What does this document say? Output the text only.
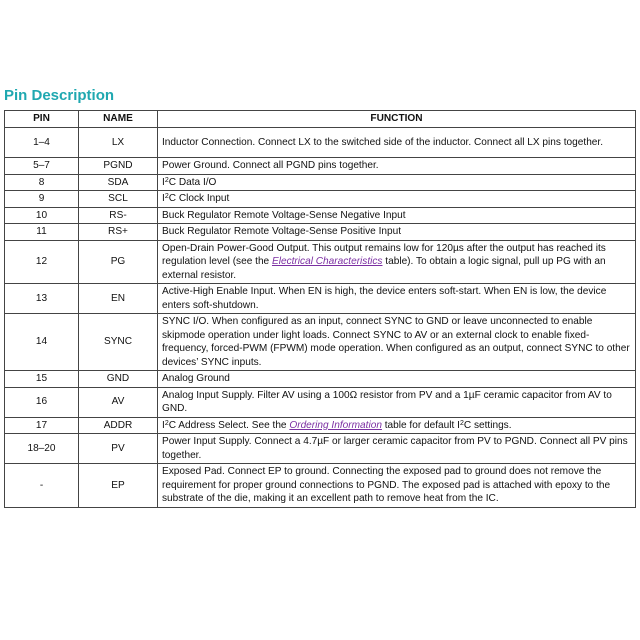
Pin Description
PIN	NAME	FUNCTION
1–4	LX	Inductor Connection. Connect LX to the switched side of the inductor. Connect all LX pins together.
5–7	PGND	Power Ground. Connect all PGND pins together.
8	SDA	$I^2C$ Data I/O
9	SCL	$I^2C$ Clock Input
10	RS-	Buck Regulator Remote Voltage-Sense Negative Input
11	RS+	Buck Regulator Remote Voltage-Sense Positive Input
12	PG	Open-Drain Power-Good Output. This output remains low for 120µs after the output has reached its regulation level (see the Electrical Characteristics table). To obtain a logic signal, pull up PG with an external resistor.
13	EN	Active-High Enable Input. When EN is high, the device enters soft-start. When EN is low, the device enters soft-shutdown.
14	SYNC	SYNC I/O. When configured as an input, connect SYNC to GND or leave unconnected to enable skipmode operation under light loads. Connect SYNC to AV or an external clock to enable fixed-frequency, forced-PWM (FPWM) mode operation. When configured as an output, connect SYNC to other devices’ SYNC inputs.
15	GND	Analog Ground
16	AV	Analog Input Supply. Filter AV using a 100Ω resistor from PV and a 1µF ceramic capacitor from AV to GND.
17	ADDR	$I^2C$ Address Select. See the Ordering Information table for default $I^2C$ settings.
18–20	PV	Power Input Supply. Connect a 4.7µF or larger ceramic capacitor from PV to PGND. Connect all PV pins together.
-	EP	Exposed Pad. Connect EP to ground. Connecting the exposed pad to ground does not remove the requirement for proper ground connections to PGND. The exposed pad is attached with epoxy to the substrate of the die, making it an excellent path to remove heat from the IC.
